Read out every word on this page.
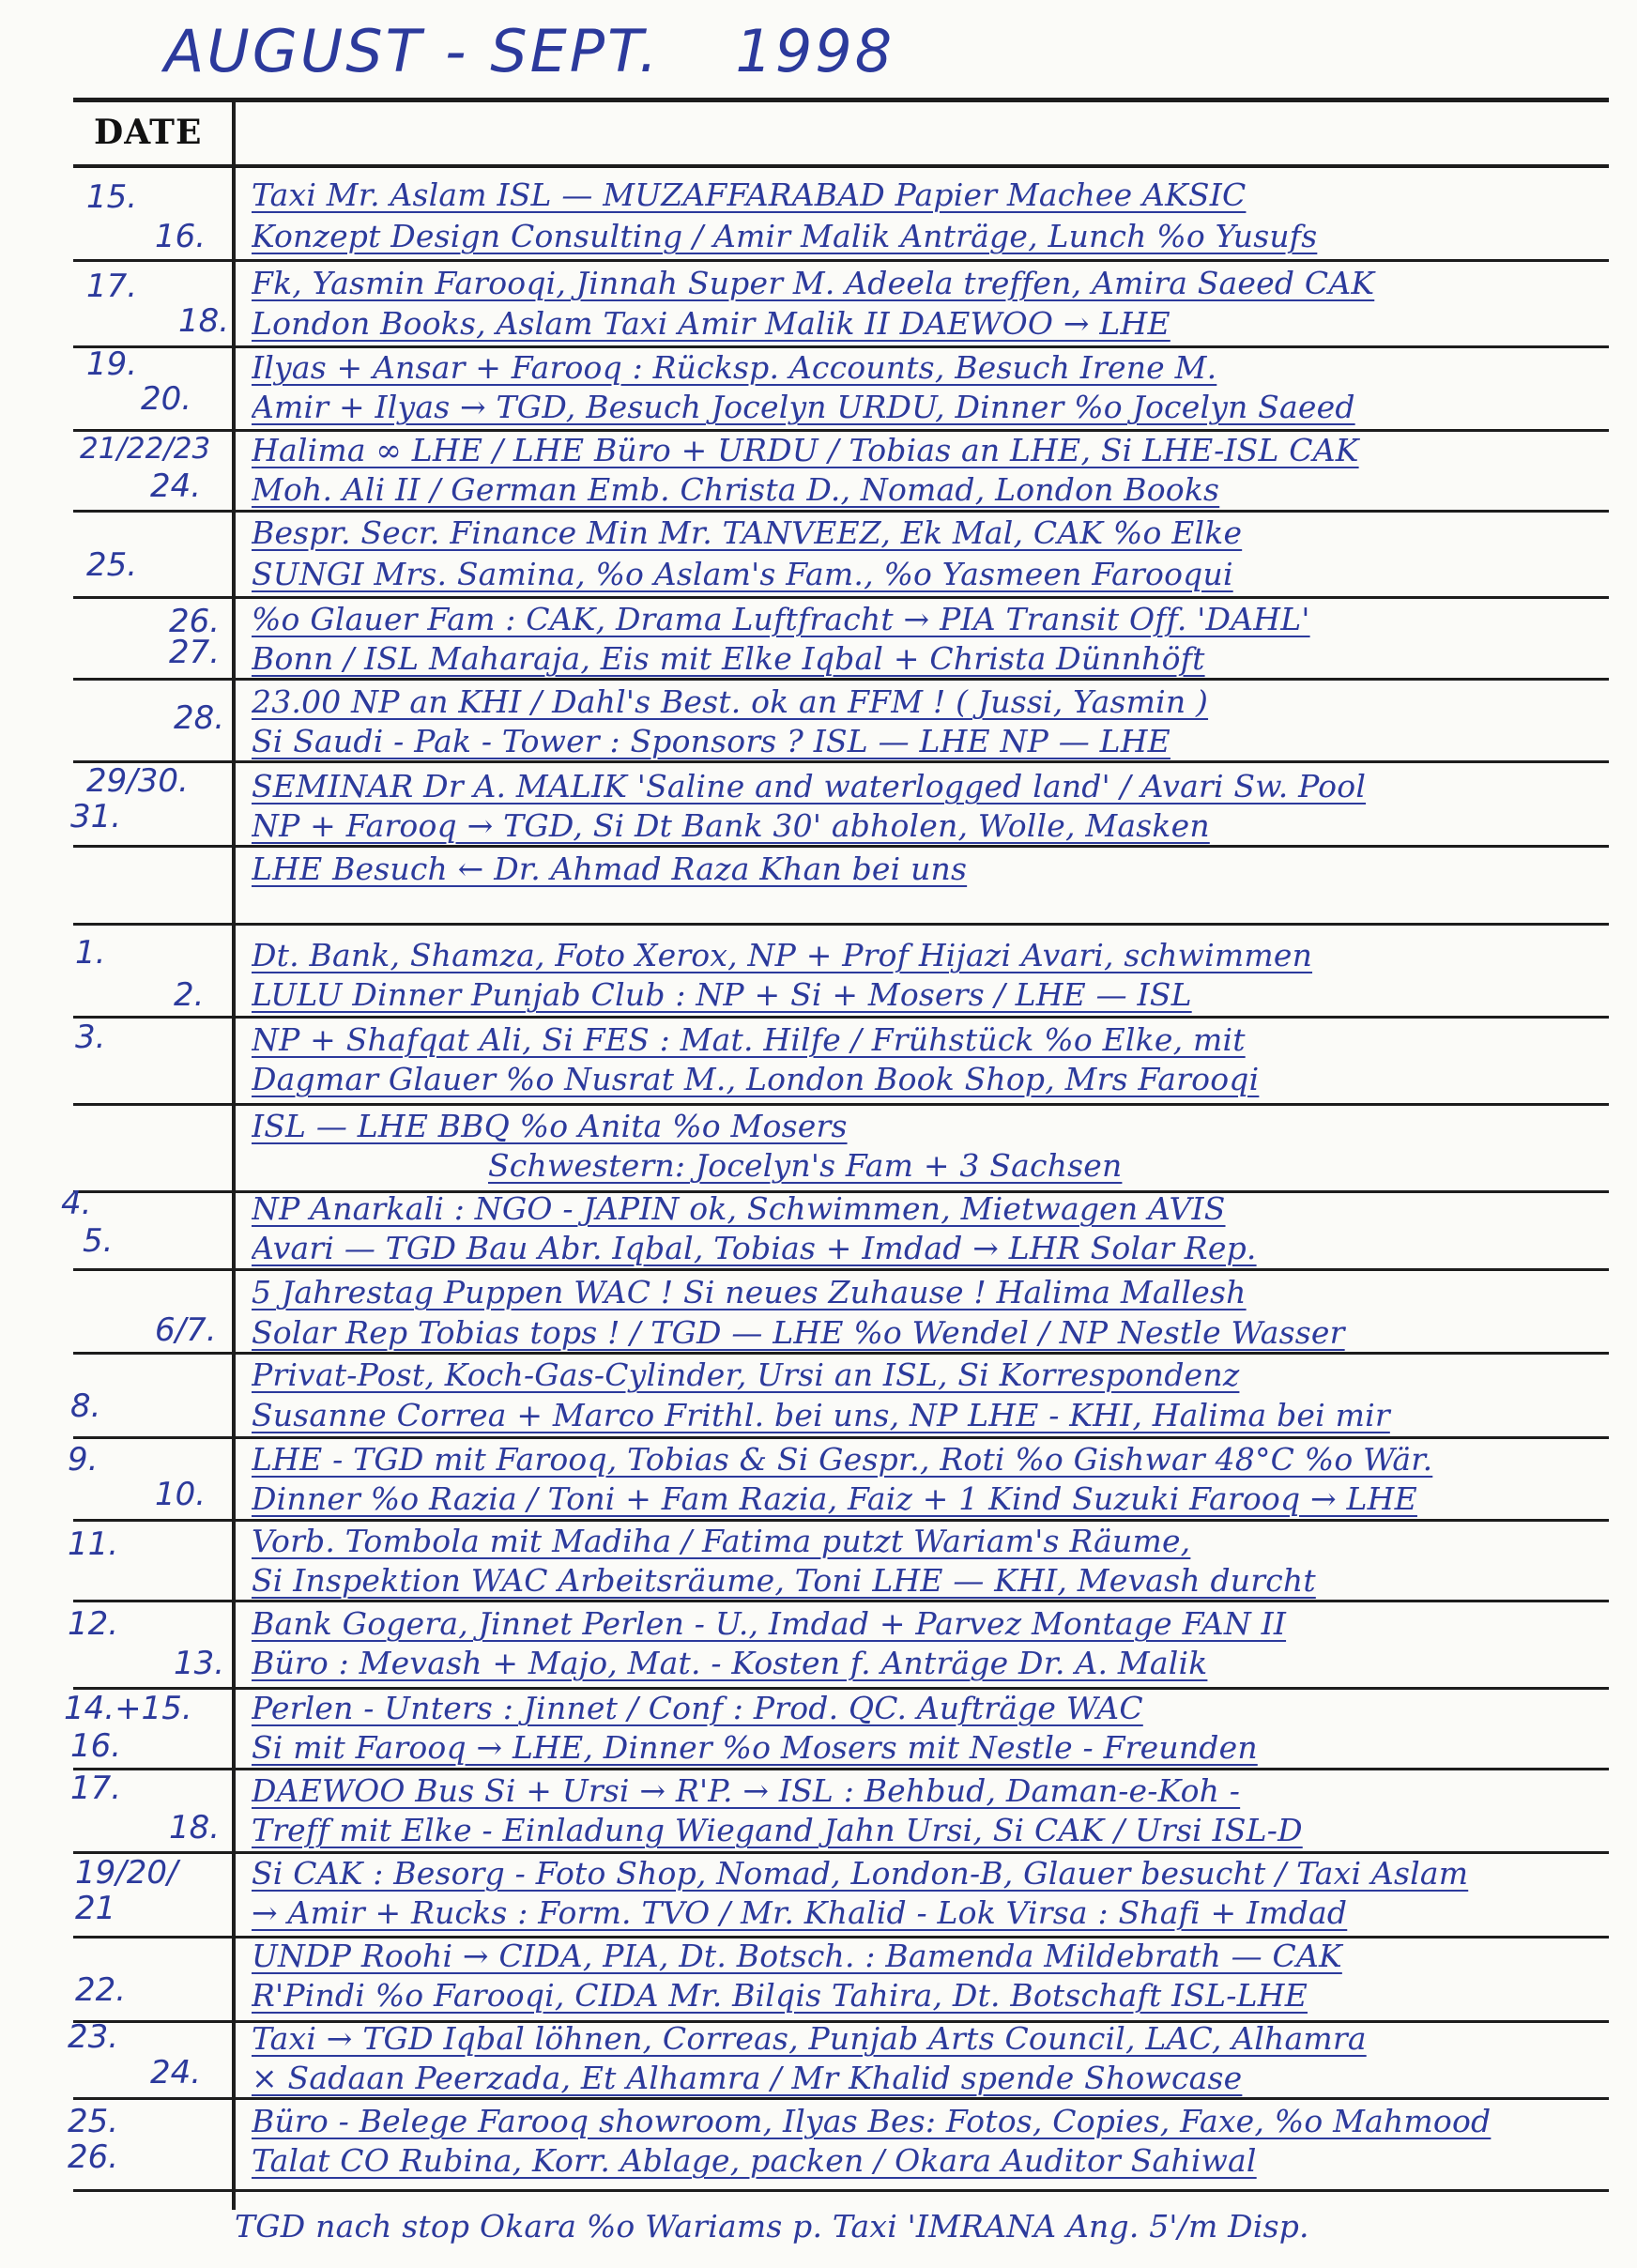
AUGUST - SEPT. 1998
DATE
15.
16.
17.
18.
19.
20.
21/22/23
24.
25.
26.
27.
28.
29/30.
31.
1.
2.
3.
4.
5.
6/7.
8.
9.
10.
11.
12.
13.
14.+15.
16.
17.
18.
19/20/
21
22.
23.
24.
25.
26.
Taxi Mr. Aslam ISL — MUZAFFARABAD Papier Machee AKSIC
Konzept Design Consulting / Amir Malik Anträge, Lunch %o Yusufs
Fk, Yasmin Farooqi, Jinnah Super M. Adeela treffen, Amira Saeed CAK
London Books, Aslam Taxi Amir Malik II DAEWOO → LHE
Ilyas + Ansar + Farooq : Rücksp. Accounts, Besuch Irene M.
Amir + Ilyas → TGD, Besuch Jocelyn URDU, Dinner %o Jocelyn Saeed
Halima ∞ LHE / LHE Büro + URDU / Tobias an LHE, Si LHE-ISL CAK
Moh. Ali II / German Emb. Christa D., Nomad, London Books
Bespr. Secr. Finance Min Mr. TANVEEZ, Ek Mal, CAK %o Elke
SUNGI Mrs. Samina, %o Aslam's Fam., %o Yasmeen Farooqui
%o Glauer Fam : CAK, Drama Luftfracht → PIA Transit Off. 'DAHL'
Bonn / ISL Maharaja, Eis mit Elke Iqbal + Christa Dünnhöft
23.00 NP an KHI / Dahl's Best. ok an FFM ! ( Jussi, Yasmin )
Si Saudi - Pak - Tower : Sponsors ? ISL — LHE NP — LHE
SEMINAR Dr A. MALIK 'Saline and waterlogged land' / Avari Sw. Pool
NP + Farooq → TGD, Si Dt Bank 30' abholen, Wolle, Masken
LHE Besuch ← Dr. Ahmad Raza Khan bei uns
Dt. Bank, Shamza, Foto Xerox, NP + Prof Hijazi Avari, schwimmen
LULU Dinner Punjab Club : NP + Si + Mosers / LHE — ISL
NP + Shafqat Ali, Si FES : Mat. Hilfe / Frühstück %o Elke, mit
Dagmar Glauer %o Nusrat M., London Book Shop, Mrs Farooqi
ISL — LHE BBQ %o Anita %o Mosers
Schwestern: Jocelyn's Fam + 3 Sachsen
NP Anarkali : NGO - JAPIN ok, Schwimmen, Mietwagen AVIS
Avari — TGD Bau Abr. Iqbal, Tobias + Imdad → LHR Solar Rep.
5 Jahrestag Puppen WAC ! Si neues Zuhause ! Halima Mallesh
Solar Rep Tobias tops ! / TGD — LHE %o Wendel / NP Nestle Wasser
Privat-Post, Koch-Gas-Cylinder, Ursi an ISL, Si Korrespondenz
Susanne Correa + Marco Frithl. bei uns, NP LHE - KHI, Halima bei mir
LHE - TGD mit Farooq, Tobias & Si Gespr., Roti %o Gishwar 48°C %o Wär.
Dinner %o Razia / Toni + Fam Razia, Faiz + 1 Kind Suzuki Farooq → LHE
Vorb. Tombola mit Madiha / Fatima putzt Wariam's Räume,
Si Inspektion WAC Arbeitsräume, Toni LHE — KHI, Mevash durcht
Bank Gogera, Jinnet Perlen - U., Imdad + Parvez Montage FAN II
Büro : Mevash + Majo, Mat. - Kosten f. Anträge Dr. A. Malik
Perlen - Unters : Jinnet / Conf : Prod. QC. Aufträge WAC
Si mit Farooq → LHE, Dinner %o Mosers mit Nestle - Freunden
DAEWOO Bus Si + Ursi → R'P. → ISL : Behbud, Daman-e-Koh -
Treff mit Elke - Einladung Wiegand Jahn Ursi, Si CAK / Ursi ISL-D
Si CAK : Besorg - Foto Shop, Nomad, London-B, Glauer besucht / Taxi Aslam
→ Amir + Rucks : Form. TVO / Mr. Khalid - Lok Virsa : Shafi + Imdad
UNDP Roohi → CIDA, PIA, Dt. Botsch. : Bamenda Mildebrath — CAK
R'Pindi %o Farooqi, CIDA Mr. Bilqis Tahira, Dt. Botschaft ISL-LHE
Taxi → TGD Iqbal löhnen, Correas, Punjab Arts Council, LAC, Alhamra
× Sadaan Peerzada, Et Alhamra / Mr Khalid spende Showcase
Büro - Belege Farooq showroom, Ilyas Bes: Fotos, Copies, Faxe, %o Mahmood
Talat CO Rubina, Korr. Ablage, packen / Okara Auditor Sahiwal
TGD nach stop Okara %o Wariams p. Taxi 'IMRANA Ang. 5'/m Disp.
